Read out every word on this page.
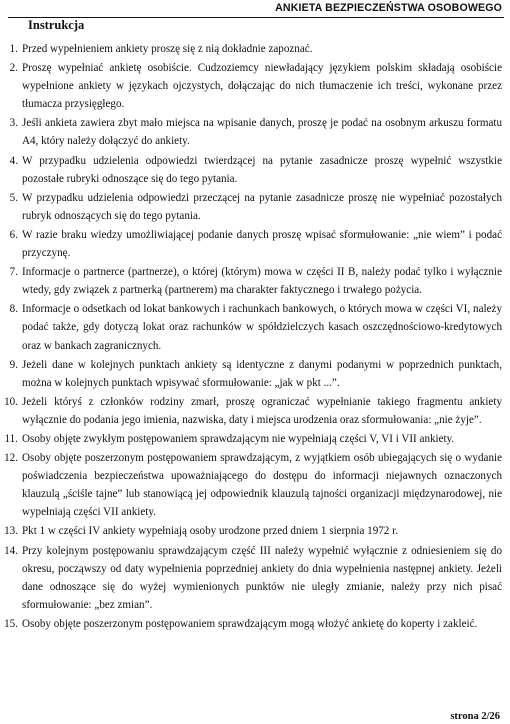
ANKIETA BEZPIECZEŃSTWA OSOBOWEGO
Instrukcja
1. Przed wypełnieniem ankiety proszę się z nią dokładnie zapoznać.
2. Proszę wypełniać ankietę osobiście. Cudzoziemcy niewładający językiem polskim składają osobiście wypełnione ankiety w językach ojczystych, dołączając do nich tłumaczenie ich treści, wykonane przez tłumacza przysięgłego.
3. Jeśli ankieta zawiera zbyt mało miejsca na wpisanie danych, proszę je podać na osobnym arkuszu formatu A4, który należy dołączyć do ankiety.
4. W przypadku udzielenia odpowiedzi twierdzącej na pytanie zasadnicze proszę wypełnić wszystkie pozostałe rubryki odnoszące się do tego pytania.
5. W przypadku udzielenia odpowiedzi przeczącej na pytanie zasadnicze proszę nie wypełniać pozostałych rubryk odnoszących się do tego pytania.
6. W razie braku wiedzy umożliwiającej podanie danych proszę wpisać sformułowanie: „nie wiem” i podać przyczynę.
7. Informacje o partnerce (partnerze), o której (którym) mowa w części II B, należy podać tylko i wyłącznie wtedy, gdy związek z partnerką (partnerem) ma charakter faktycznego i trwałego pożycia.
8. Informacje o odsetkach od lokat bankowych i rachunkach bankowych, o których mowa w części VI, należy podać także, gdy dotyczą lokat oraz rachunków w spółdzielczych kasach oszczędnościowo-kredytowych oraz w bankach zagranicznych.
9. Jeżeli dane w kolejnych punktach ankiety są identyczne z danymi podanymi w poprzednich punktach, można w kolejnych punktach wpisywać sformułowanie: „jak w pkt ...”.
10. Jeżeli któryś z członków rodziny zmarł, proszę ograniczać wypełnianie takiego fragmentu ankiety wyłącznie do podania jego imienia, nazwiska, daty i miejsca urodzenia oraz sformułowania: „nie żyje”.
11. Osoby objęte zwykłym postępowaniem sprawdzającym nie wypełniają części V, VI i VII ankiety.
12. Osoby objęte poszerzonym postępowaniem sprawdzającym, z wyjątkiem osób ubiegających się o wydanie poświadczenia bezpieczeństwa upoważniającego do dostępu do informacji niejawnych oznaczonych klauzulą „ściśle tajne” lub stanowiącą jej odpowiednik klauzulą tajności organizacji międzynarodowej, nie wypełniają części VII ankiety.
13. Pkt 1 w części IV ankiety wypełniają osoby urodzone przed dniem 1 sierpnia 1972 r.
14. Przy kolejnym postępowaniu sprawdzającym część III należy wypełnić wyłącznie z odniesieniem się do okresu, począwszy od daty wypełnienia poprzedniej ankiety do dnia wypełnienia następnej ankiety. Jeżeli dane odnoszące się do wyżej wymienionych punktów nie uległy zmianie, należy przy nich pisać sformułowanie: „bez zmian”.
15. Osoby objęte poszerzonym postępowaniem sprawdzającym mogą włożyć ankietę do koperty i zakleić.
strona 2/26
